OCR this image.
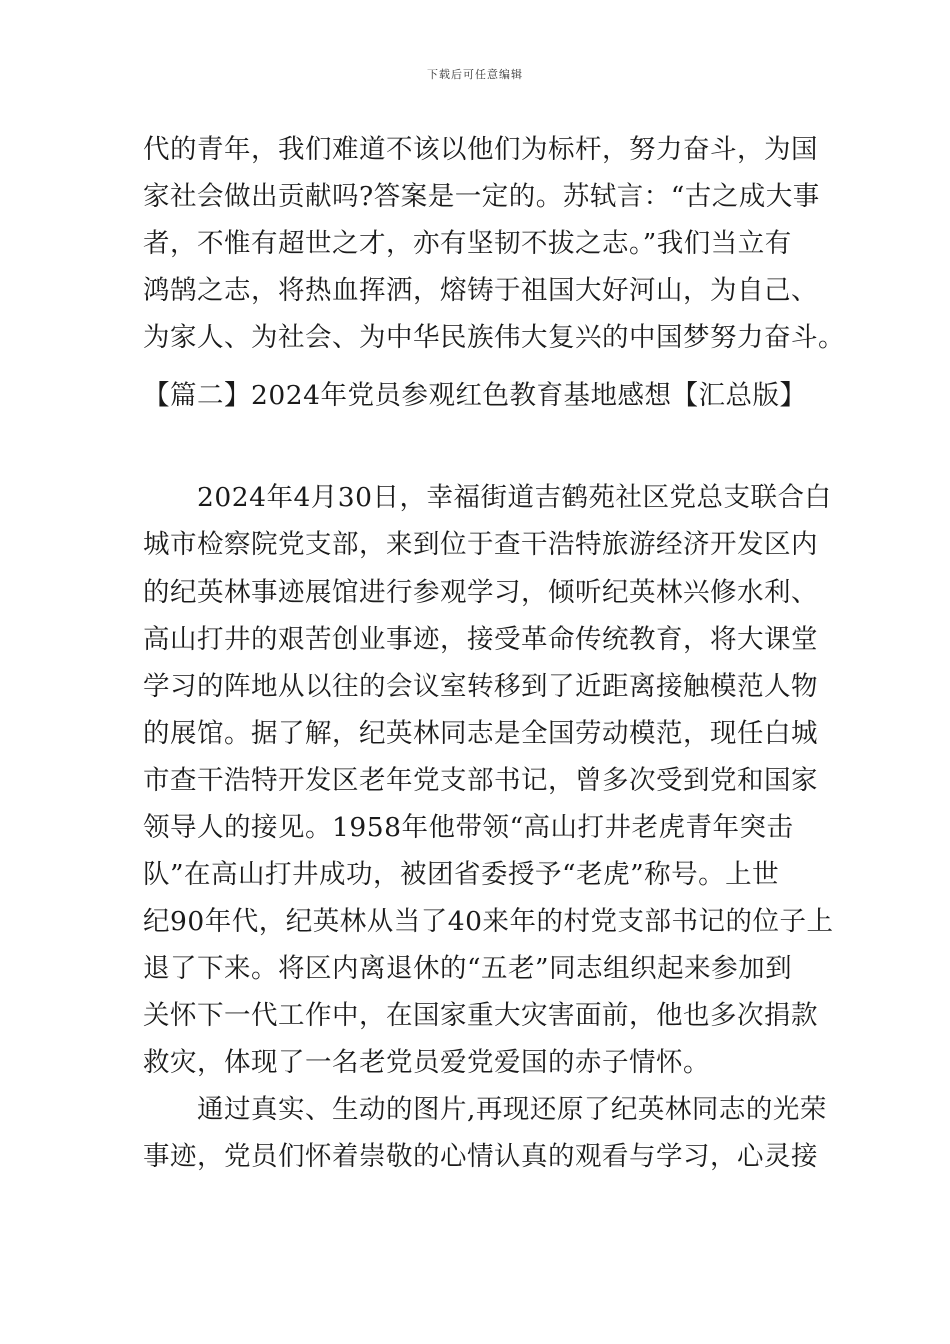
下载后可任意编辑
代的青年，我们难道不该以他们为标杆，努力奋斗，为国
家社会做出贡献吗?答案是一定的。苏轼言：“古之成大事
者，不惟有超世之才，亦有坚韧不拔之志。”我们当立有
鸿鹄之志，将热血挥洒，熔铸于祖国大好河山，为自己、
为家人、为社会、为中华民族伟大复兴的中国梦努力奋斗。
【篇二】2024年党员参观红色教育基地感想【汇总版】
2024年4月30日，幸福街道吉鹤苑社区党总支联合白
城市检察院党支部，来到位于查干浩特旅游经济开发区内
的纪英林事迹展馆进行参观学习，倾听纪英林兴修水利、
高山打井的艰苦创业事迹，接受革命传统教育，将大课堂
学习的阵地从以往的会议室转移到了近距离接触模范人物
的展馆。据了解，纪英林同志是全国劳动模范，现任白城
市查干浩特开发区老年党支部书记，曾多次受到党和国家
领导人的接见。1958年他带领“高山打井老虎青年突击
队”在高山打井成功，被团省委授予“老虎”称号。上世
纪90年代，纪英林从当了40来年的村党支部书记的位子上
退了下来。将区内离退休的“五老”同志组织起来参加到
关怀下一代工作中，在国家重大灾害面前，他也多次捐款
救灾，体现了一名老党员爱党爱国的赤子情怀。
通过真实、生动的图片,再现还原了纪英林同志的光荣
事迹，党员们怀着崇敬的心情认真的观看与学习，心灵接
